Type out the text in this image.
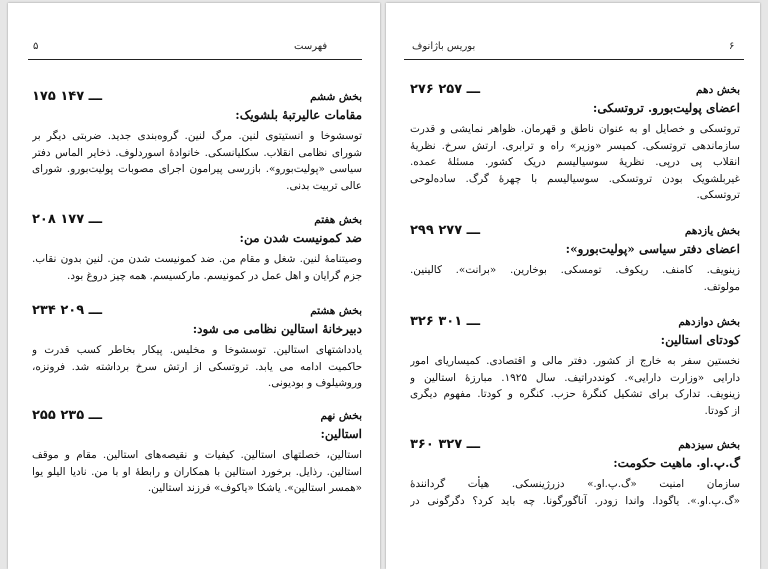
فهرست
۵
بخش ششم
۱۷۵ ـــ ۱۴۷
مقامات عالیرتبهٔ بلشویک:
توسشوخا و انستیتوی لنین. مرگ لنین. گروه‌بندی جدید. ضربتی دیگر بر
شورای نظامی انقلاب. سکلیانسکی. خانوادهٔ اسوردلوف. ذخایر الماس دفتر
سیاسی «پولیت‌بورو». بازرسی پیرامون اجرای مصوبات پولیت‌بورو. شورای
عالی تربیت بدنی.
بخش هفتم
۲۰۸ ـــ ۱۷۷
ضد کمونیست شدن من:
وصیتنامهٔ لنین. شغل و مقام من. ضد کمونیست شدن من. لنین بدون نقاب.
جزم گرایان و اهل عمل در کمونیسم. مارکسیسم. همه چیز دروغ بود.
بخش هشتم
۲۳۴ ـــ ۲۰۹
دبیرخانهٔ استالین نظامی می شود:
یادداشتهای استالین. توسشوخا و مخلیس. پیکار بخاطر کسب قدرت و
حاکمیت ادامه می یابد. تروتسکی از ارتش سرخ برداشته شد. فرونزه،
وروشیلوف و بودیونی.
بخش نهم
۲۵۵ ـــ ۲۳۵
استالین:
استالین، خصلتهای استالین. کیفیات و نقیصه‌های استالین. مقام و موقف
استالین. رذایل. برخورد استالین با همکاران و رابطهٔ او با من. نادیا الیلو یوا
«همسر استالین». یاشکا «یاکوف» فرزند استالین.
بوریس باژانوف	۶
بخش دهم
۲۷۶ ـــ ۲۵۷
اعضای پولیت‌بورو. تروتسکی:
تروتسکی و خصایل او به عنوان ناطق و قهرمان. ظواهر نمایشی و قدرت
سازماندهی تروتسکی. کمیسر «وزیر» راه و ترابری. ارتش سرخ. نظریهٔ
انقلاب پی درپی. نظریهٔ سوسیالیسم دریک کشور. مسئلهٔ عمده.
غیربلشویک بودن تروتسکی. سوسیالیسم با چهرهٔ گرگ. ساده‌لوحی
تروتسکی.
بخش یازدهم
۲۹۹ ـــ ۲۷۷
اعضای دفتر سیاسی «پولیت‌بورو»:
زینویف. کامنف. ریکوف. تومسکی. بوخارین. «برانت». کالینین.
مولوتف.
بخش دوازدهم
۳۲۶ ـــ ۳۰۱
کودتای استالین:
نخستین سفر به خارج از کشور. دفتر مالی و اقتصادی. کمیساریای امور
دارایی «وزارت دارایی». کونددراتیف. سال ۱۹۲۵. مبارزهٔ استالین و
زینویف. تدارک برای تشکیل کنگرهٔ حزب. کنگره و کودتا. مفهوم دیگری
از کودتا.
بخش سیزدهم
۳۶۰ ـــ ۳۲۷
گ.پ.او. ماهیت حکومت:
سازمان امنیت «گ.پ.او.» دزرژینسکی. هیأت گردانندهٔ
«گ.پ.او.». یاگودا. واندا زودر. آناگورگونا. چه باید کرد؟ دگرگونی در
